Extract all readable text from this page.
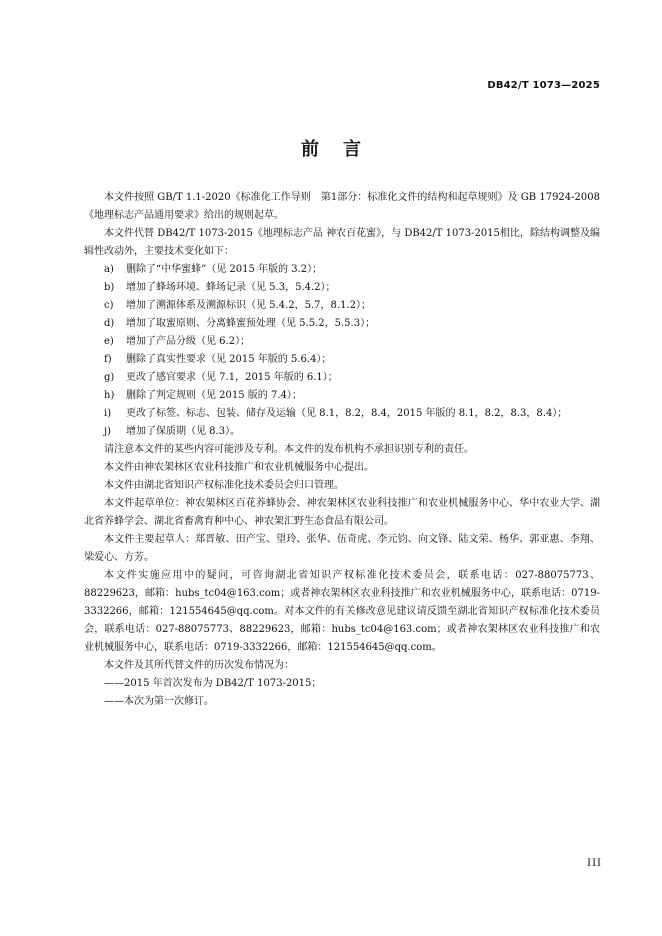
DB42/T 1073—2025
前言

本文件按照 GB/T 1.1-2020《标准化工作导则　第1部分：标准化文件的结构和起草规则》及 GB 17924-2008《地理标志产品通用要求》给出的规则起草。

本文件代替 DB42/T 1073-2015《地理标志产品 神农百花蜜》，与 DB42/T 1073-2015相比，除结构调整及编辑性改动外，主要技术变化如下：

a) 删除了“中华蜜蜂”（见 2015 年版的 3.2）；
b) 增加了蜂场环境、蜂场记录（见 5.3，5.4.2）；
c) 增加了溯源体系及溯源标识（见 5.4.2，5.7，8.1.2）；
d) 增加了取蜜原则、分离蜂蜜预处理（见 5.5.2，5.5.3）；
e) 增加了产品分级（见 6.2）；
f) 删除了真实性要求（见 2015 年版的 5.6.4）；
g) 更改了感官要求（见 7.1，2015 年版的 6.1）；
h) 删除了判定规则（见 2015 版的 7.4）；
i) 更改了标签、标志、包装、储存及运输（见 8.1，8.2，8.4，2015 年版的 8.1，8.2，8.3，8.4）；
j) 增加了保质期（见 8.3）。

请注意本文件的某些内容可能涉及专利。本文件的发布机构不承担识别专利的责任。

本文件由神农架林区农业科技推广和农业机械服务中心提出。

本文件由湖北省知识产权标准化技术委员会归口管理。

本文件起草单位：神农架林区百花养蜂协会、神农架林区农业科技推广和农业机械服务中心、华中农业大学、湖北省养蜂学会、湖北省畜禽育种中心、神农架汇野生态食品有限公司。

本文件主要起草人：郑晋敏、田产宝、望玲、张华、伍奇虎、李元钧、向文锋、陆文荣、杨华、郭亚惠、李翔、梁爱心、方芳。

本文件实施应用中的疑问，可咨询湖北省知识产权标准化技术委员会，联系电话：027-88075773、88229623，邮箱：hubs_tc04@163.com；或者神农架林区农业科技推广和农业机械服务中心，联系电话：0719-3332266，邮箱：121554645@qq.com。对本文件的有关修改意见建议请反馈至湖北省知识产权标准化技术委员会，联系电话：027-88075773、88229623，邮箱：hubs_tc04@163.com；或者神农架林区农业科技推广和农业机械服务中心，联系电话：0719-3332266，邮箱：121554645@qq.com。

本文件及其所代替文件的历次发布情况为：

——2015 年首次发布为 DB42/T 1073-2015；
——本次为第一次修订。
III
